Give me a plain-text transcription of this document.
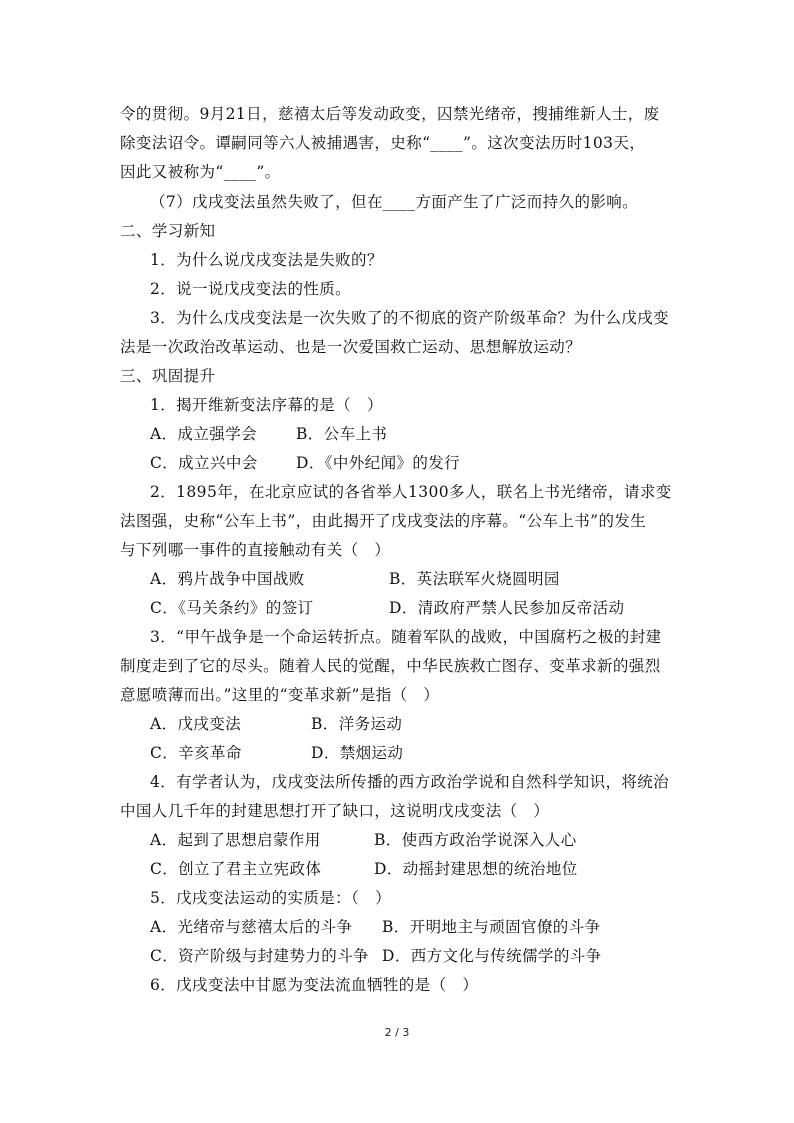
令的贯彻。9月21日，慈禧太后等发动政变，囚禁光绪帝，搜捕维新人士，废
除变法诏令。谭嗣同等六人被捕遇害，史称“____”。这次变法历时103天，
因此又被称为“____”。
（7）戊戌变法虽然失败了，但在____方面产生了广泛而持久的影响。
二、学习新知
1．为什么说戊戌变法是失败的？
2．说一说戊戌变法的性质。
3．为什么戊戌变法是一次失败了的不彻底的资产阶级革命？为什么戊戌变
法是一次政治改革运动、也是一次爱国救亡运动、思想解放运动？
三、巩固提升
1．揭开维新变法序幕的是（　）
A．成立强学会	B．公车上书
C．成立兴中会 D．《中外纪闻》的发行
2．1895年，在北京应试的各省举人1300多人，联名上书光绪帝，请求变
法图强，史称“公车上书”，由此揭开了戊戌变法的序幕。“公车上书”的发生
与下列哪一事件的直接触动有关（　）
A．鸦片战争中国战败	B．英法联军火烧圆明园
C．《马关条约》的签订	D．清政府严禁人民参加反帝活动
3．“甲午战争是一个命运转折点。随着军队的战败，中国腐朽之极的封建
制度走到了它的尽头。随着人民的觉醒，中华民族救亡图存、变革求新的强烈
意愿喷薄而出。”这里的“变革求新”是指（　）
A．戊戌变法	B．洋务运动
C．辛亥革命	D．禁烟运动
4．有学者认为，戊戌变法所传播的西方政治学说和自然科学知识，将统治
中国人几千年的封建思想打开了缺口，这说明戊戌变法（　）
A．起到了思想启蒙作用	B．使西方政治学说深入人心
C．创立了君主立宪政体	D．动摇封建思想的统治地位
5．戊戌变法运动的实质是：（　）
A．光绪帝与慈禧太后的斗争 B．开明地主与顽固官僚的斗争
C．资产阶级与封建势力的斗争 D．西方文化与传统儒学的斗争
6．戊戌变法中甘愿为变法流血牺牲的是（　）
2 / 3
